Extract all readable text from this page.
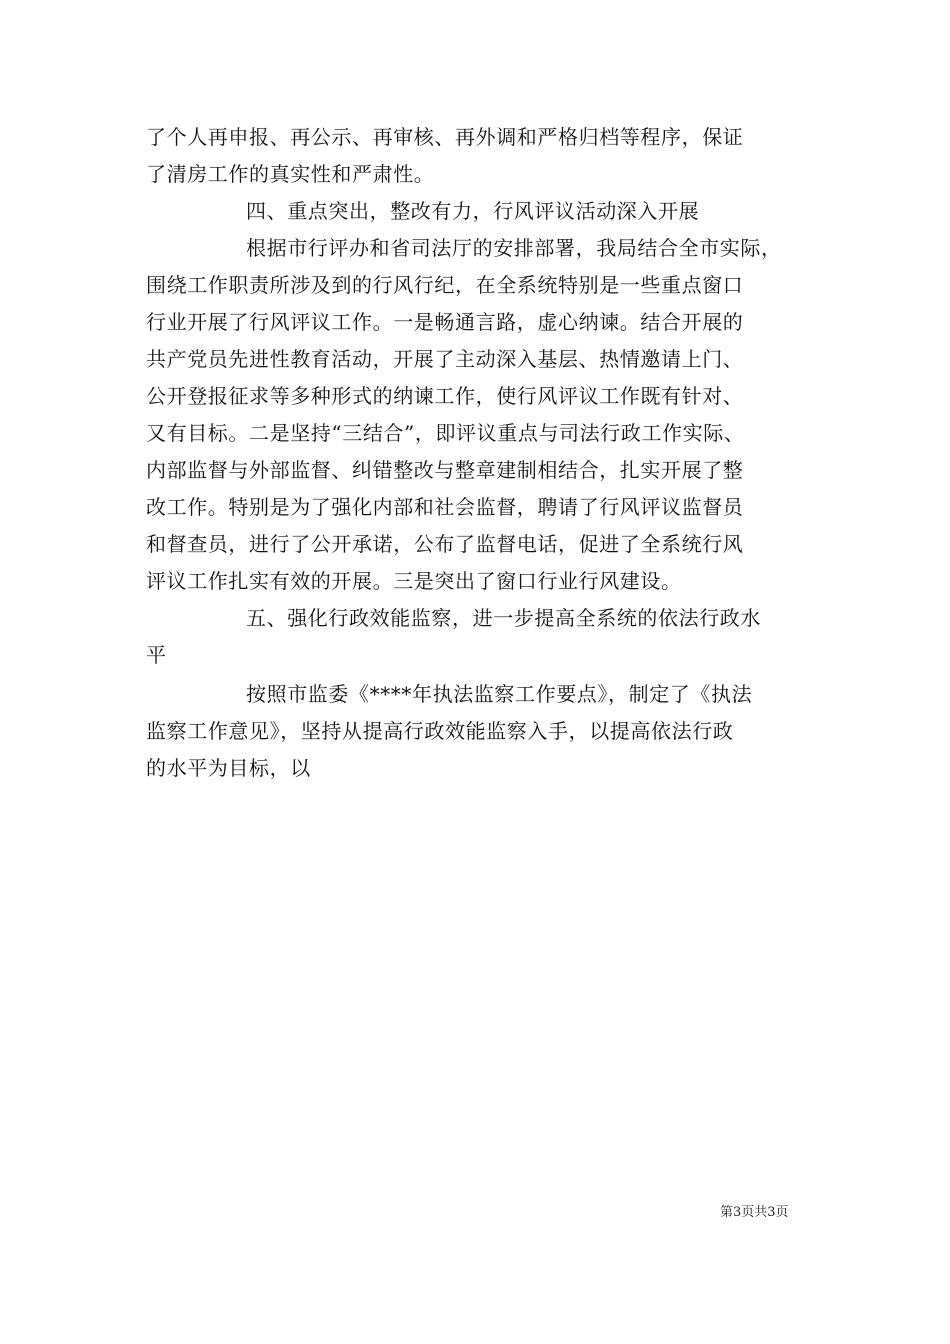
了个人再申报、再公示、再审核、再外调和严格归档等程序，保证
了清房工作的真实性和严肃性。
四、重点突出，整改有力，行风评议活动深入开展
根据市行评办和省司法厅的安排部署，我局结合全市实际，
围绕工作职责所涉及到的行风行纪，在全系统特别是一些重点窗口
行业开展了行风评议工作。一是畅通言路，虚心纳谏。结合开展的
共产党员先进性教育活动，开展了主动深入基层、热情邀请上门、
公开登报征求等多种形式的纳谏工作，使行风评议工作既有针对、
又有目标。二是坚持“三结合”，即评议重点与司法行政工作实际、
内部监督与外部监督、纠错整改与整章建制相结合，扎实开展了整
改工作。特别是为了强化内部和社会监督，聘请了行风评议监督员
和督查员，进行了公开承诺，公布了监督电话，促进了全系统行风
评议工作扎实有效的开展。三是突出了窗口行业行风建设。
五、强化行政效能监察，进一步提高全系统的依法行政水
平
按照市监委《****年执法监察工作要点》，制定了《执法
监察工作意见》，坚持从提高行政效能监察入手，以提高依法行政
的水平为目标，以
第3页共3页
